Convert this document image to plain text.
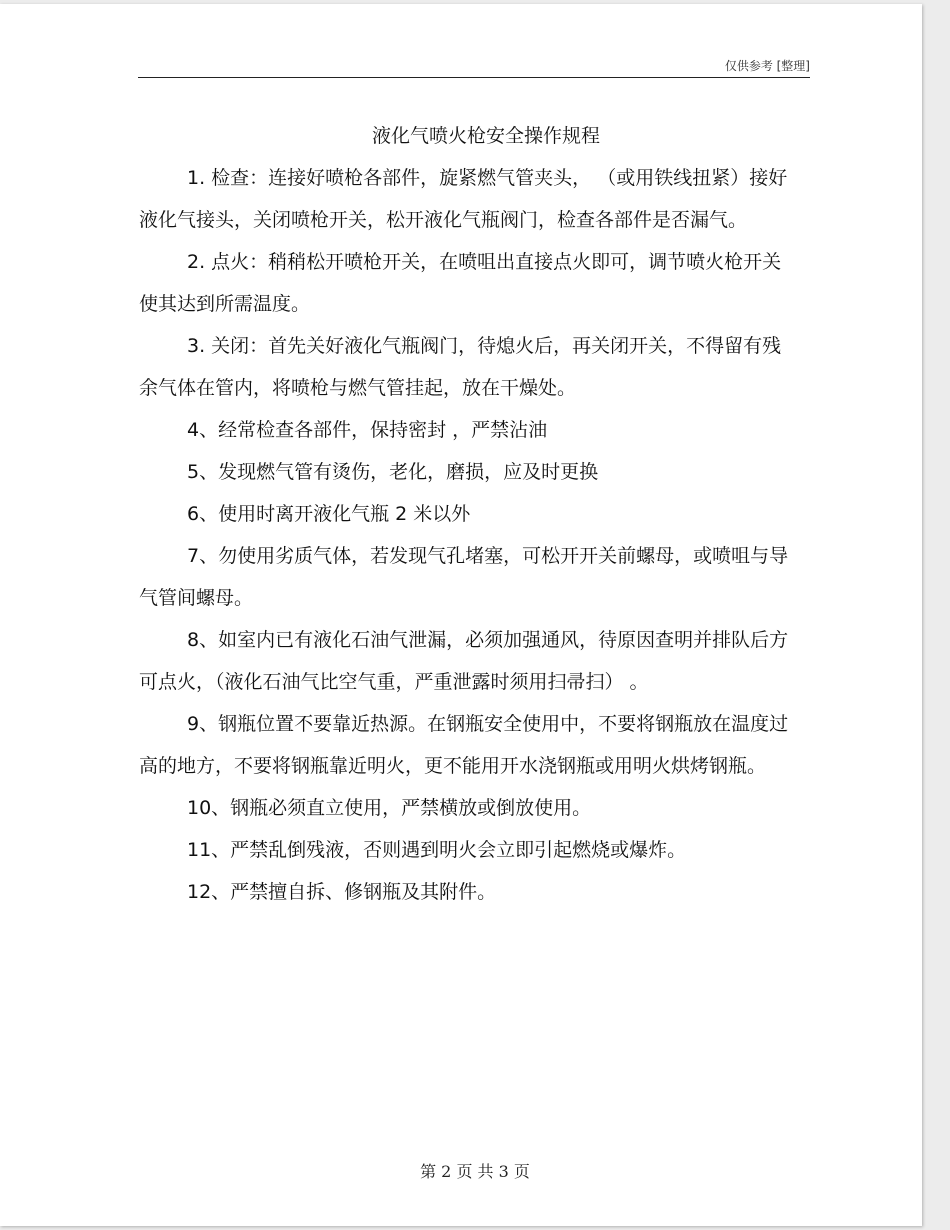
仅供参考 [整理]
液化气喷火枪安全操作规程

1. 检查：连接好喷枪各部件，旋紧燃气管夹头， （或用铁线扭紧）接好液化气接头，关闭喷枪开关，松开液化气瓶阀门，检查各部件是否漏气。

2. 点火：稍稍松开喷枪开关，在喷咀出直接点火即可，调节喷火枪开关使其达到所需温度。

3. 关闭：首先关好液化气瓶阀门，待熄火后，再关闭开关，不得留有残余气体在管内，将喷枪与燃气管挂起，放在干燥处。

4、经常检查各部件，保持密封 ，严禁沾油

5、发现燃气管有烫伤，老化，磨损，应及时更换

6、使用时离开液化气瓶 2 米以外

7、勿使用劣质气体，若发现气孔堵塞，可松开开关前螺母，或喷咀与导气管间螺母。

8、如室内已有液化石油气泄漏，必须加强通风，待原因查明并排队后方可点火，（液化石油气比空气重，严重泄露时须用扫帚扫） 。

9、钢瓶位置不要靠近热源。在钢瓶安全使用中，不要将钢瓶放在温度过高的地方，不要将钢瓶靠近明火，更不能用开水浇钢瓶或用明火烘烤钢瓶。

10、钢瓶必须直立使用，严禁横放或倒放使用。

11、严禁乱倒残液，否则遇到明火会立即引起燃烧或爆炸。

12、严禁擅自拆、修钢瓶及其附件。

第 2 页 共 3 页
